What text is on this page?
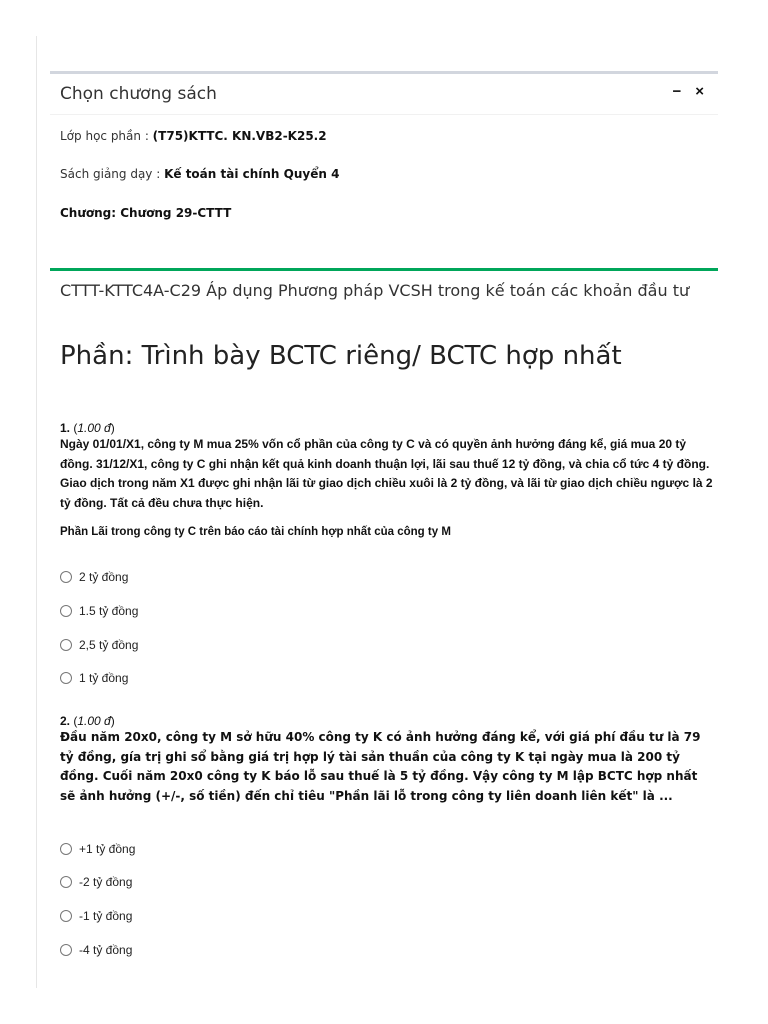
Chọn chương sách	− ×
Lớp học phần : (T75)KTTC. KN.VB2-K25.2
Sách giảng dạy : Kế toán tài chính Quyển 4
Chương: Chương 29-CTTT
CTTT-KTTC4A-C29 Áp dụng Phương pháp VCSH trong kế toán các khoản đầu tư
Phần: Trình bày BCTC riêng/ BCTC hợp nhất
1. (1.00 đ)
Ngày 01/01/X1, công ty M mua 25% vốn cổ phần của công ty C và có quyền ảnh hưởng đáng kể, giá mua 20 tỷ đồng. 31/12/X1, công ty C ghi nhận kết quả kinh doanh thuận lợi, lãi sau thuế 12 tỷ đồng, và chia cổ tức 4 tỷ đồng. Giao dịch trong năm X1 được ghi nhận lãi từ giao dịch chiều xuôi là 2 tỷ đồng, và lãi từ giao dịch chiều ngược là 2 tỷ đồng. Tất cả đều chưa thực hiện.
Phần Lãi trong công ty C trên báo cáo tài chính hợp nhất của công ty M
2 tỷ đồng
1.5 tỷ đồng
2,5 tỷ đồng
1 tỷ đồng
2. (1.00 đ)
Đầu năm 20x0, công ty M sở hữu 40% công ty K có ảnh hưởng đáng kể, với giá phí đầu tư là 79 tỷ đồng, gía trị ghi sổ bằng giá trị hợp lý tài sản thuần của công ty K tại ngày mua là 200 tỷ đồng. Cuối năm 20x0 công ty K báo lỗ sau thuế là 5 tỷ đồng. Vậy công ty M lập BCTC hợp nhất sẽ ảnh hưởng (+/-, số tiền) đến chỉ tiêu "Phần lãi lỗ trong công ty liên doanh liên kết" là ...
+1 tỷ đồng
-2 tỷ đồng
-1 tỷ đồng
-4 tỷ đồng
